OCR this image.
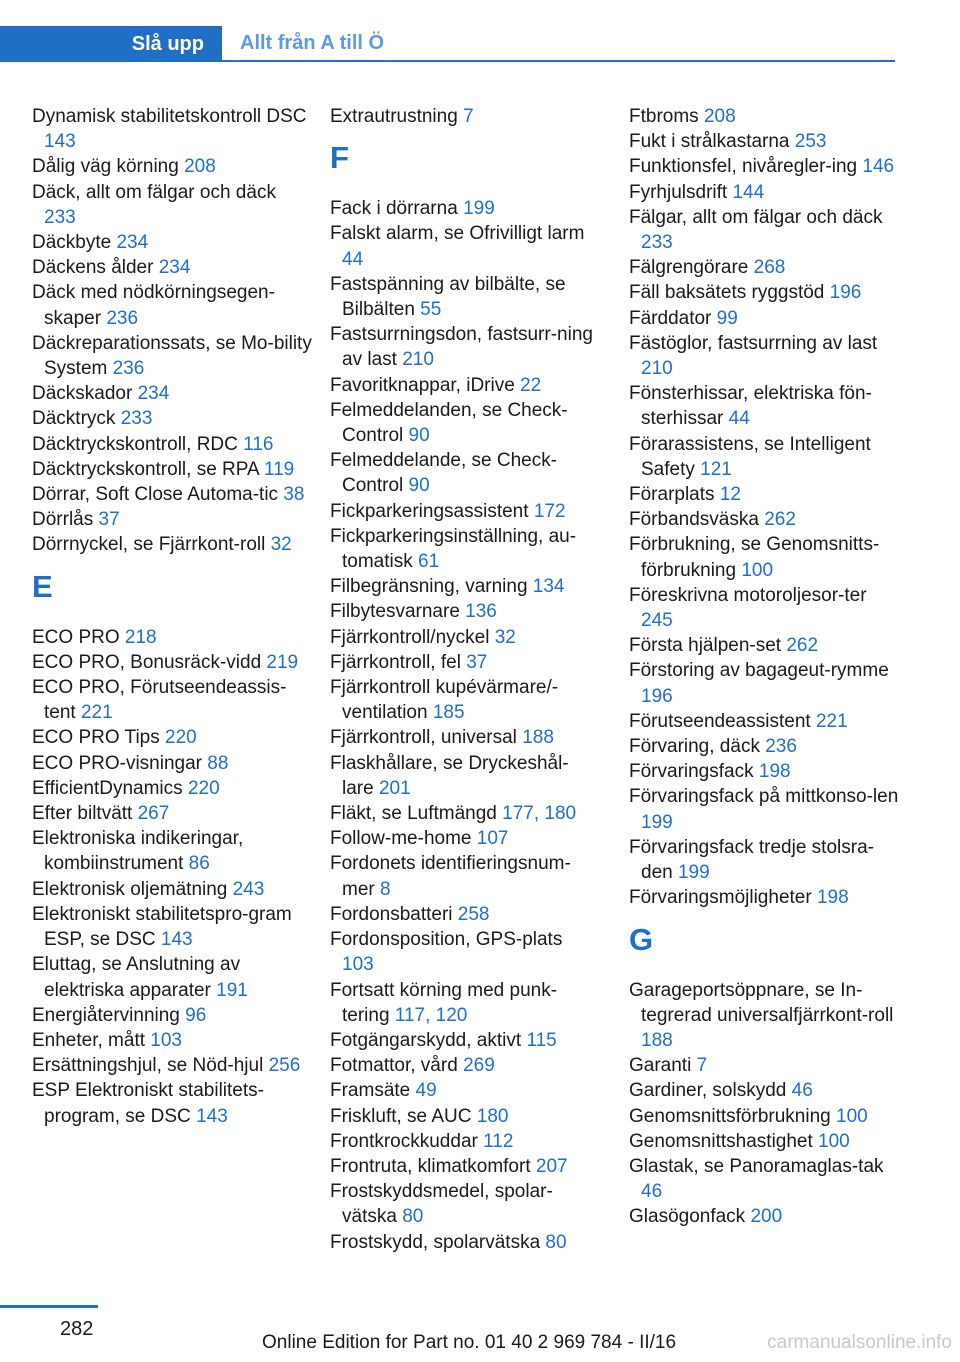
Slå upp	Allt från A till Ö
Dynamisk stabilitetskontroll DSC 143
Dålig väg körning 208
Däck, allt om fälgar och däck 233
Däckbyte 234
Däckens ålder 234
Däck med nödkörningsegen-skaper 236
Däckreparationssats, se Mo-bility System 236
Däckskador 234
Däcktryck 233
Däcktryckskontroll, RDC 116
Däcktryckskontroll, se RPA 119
Dörrar, Soft Close Automa-tic 38
Dörrlås 37
Dörrnyckel, se Fjärrkont-roll 32
E
ECO PRO 218
ECO PRO, Bonusräck-vidd 219
ECO PRO, Förutseendeassis-tent 221
ECO PRO Tips 220
ECO PRO-visningar 88
EfficientDynamics 220
Efter biltvätt 267
Elektroniska indikeringar, kombiinstrument 86
Elektronisk oljemätning 243
Elektroniskt stabilitetspro-gram ESP, se DSC 143
Eluttag, se Anslutning av elektriska apparater 191
Energiåtervinning 96
Enheter, mått 103
Ersättningshjul, se Nöd-hjul 256
ESP Elektroniskt stabilitets-program, se DSC 143
Extrautrustning 7
F
Fack i dörrarna 199
Falskt alarm, se Ofrivilligt larm 44
Fastspänning av bilbälte, se Bilbälten 55
Fastsurrningsdon, fastsurr-ning av last 210
Favoritknappar, iDrive 22
Felmeddelanden, se Check-Control 90
Felmeddelande, se Check-Control 90
Fickparkeringsassistent 172
Fickparkeringsinställning, au-tomatisk 61
Filbegränsning, varning 134
Filbytesvarnare 136
Fjärrkontroll/nyckel 32
Fjärrkontroll, fel 37
Fjärrkontroll kupévärmare/-ventilation 185
Fjärrkontroll, universal 188
Flaskhållare, se Dryckeshål-lare 201
Fläkt, se Luftmängd 177, 180
Follow-me-home 107
Fordonets identifieringsnum-mer 8
Fordonsbatteri 258
Fordonsposition, GPS-plats 103
Fortsatt körning med punk-tering 117, 120
Fotgängarskydd, aktivt 115
Fotmattor, vård 269
Framsäte 49
Friskluft, se AUC 180
Frontkrockkuddar 112
Frontruta, klimatkomfort 207
Frostskyddsmedel, spolar-vätska 80
Frostskydd, spolarvätska 80
Ftbroms 208
Fukt i strålkastarna 253
Funktionsfel, nivåregler-ing 146
Fyrhjulsdrift 144
Fälgar, allt om fälgar och däck 233
Fälgrengörare 268
Fäll baksätets ryggstöd 196
Färddator 99
Fästöglor, fastsurrning av last 210
Fönsterhissar, elektriska fön-sterhissar 44
Förarassistens, se Intelligent Safety 121
Förarplats 12
Förbandsväska 262
Förbrukning, se Genomsnitts-förbrukning 100
Föreskrivna motoroljesor-ter 245
Första hjälpen-set 262
Förstoring av bagageut-rymme 196
Förutseendeassistent 221
Förvaring, däck 236
Förvaringsfack 198
Förvaringsfack på mittkonso-len 199
Förvaringsfack tredje stolsra-den 199
Förvaringsmöjligheter 198
G
Garageportsöppnare, se In-tegrerad universalfjärrkont-roll 188
Garanti 7
Gardiner, solskydd 46
Genomsnittsförbrukning 100
Genomsnittshastighet 100
Glastak, se Panoramaglas-tak 46
Glasögonfack 200
282
Online Edition for Part no. 01 40 2 969 784 - II/16	carmanualsonline.info
